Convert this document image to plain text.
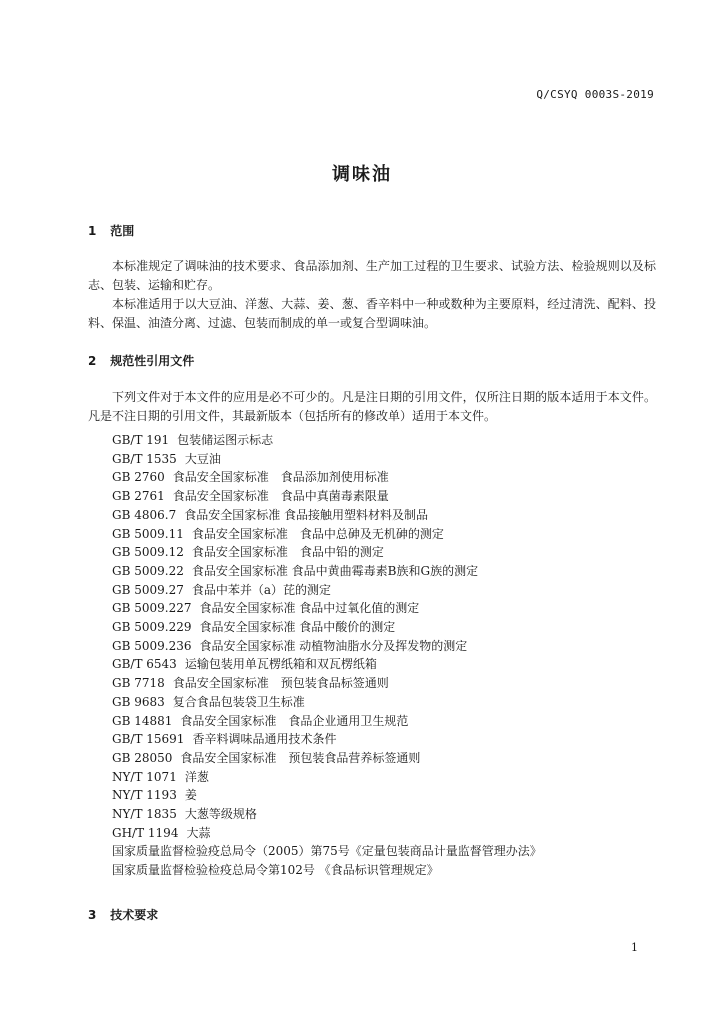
Q/CSYQ 0003S-2019
调味油
1 范围
本标准规定了调味油的技术要求、食品添加剂、生产加工过程的卫生要求、试验方法、检验规则以及标志、包装、运输和贮存。
本标准适用于以大豆油、洋葱、大蒜、姜、葱、香辛料中一种或数种为主要原料，经过清洗、配料、投料、保温、油渣分离、过滤、包装而制成的单一或复合型调味油。
2 规范性引用文件
下列文件对于本文件的应用是必不可少的。凡是注日期的引用文件，仅所注日期的版本适用于本文件。凡是不注日期的引用文件，其最新版本（包括所有的修改单）适用于本文件。
GB/T 191 包装储运图示标志
GB/T 1535 大豆油
GB 2760 食品安全国家标准　食品添加剂使用标准
GB 2761 食品安全国家标准　食品中真菌毒素限量
GB 4806.7 食品安全国家标准 食品接触用塑料材料及制品
GB 5009.11 食品安全国家标准　食品中总砷及无机砷的测定
GB 5009.12 食品安全国家标准　食品中铅的测定
GB 5009.22 食品安全国家标准 食品中黄曲霉毒素B族和G族的测定
GB 5009.27 食品中苯并（a）芘的测定
GB 5009.227 食品安全国家标准 食品中过氧化值的测定
GB 5009.229 食品安全国家标准 食品中酸价的测定
GB 5009.236 食品安全国家标准 动植物油脂水分及挥发物的测定
GB/T 6543 运输包装用单瓦楞纸箱和双瓦楞纸箱
GB 7718 食品安全国家标准　预包装食品标签通则
GB 9683 复合食品包装袋卫生标准
GB 14881 食品安全国家标准　食品企业通用卫生规范
GB/T 15691 香辛料调味品通用技术条件
GB 28050 食品安全国家标准　预包装食品营养标签通则
NY/T 1071 洋葱
NY/T 1193 姜
NY/T 1835 大葱等级规格
GH/T 1194 大蒜
国家质量监督检验疫总局令（2005）第75号《定量包装商品计量监督管理办法》
国家质量监督检验检疫总局令第102号 《食品标识管理规定》
3 技术要求
1
